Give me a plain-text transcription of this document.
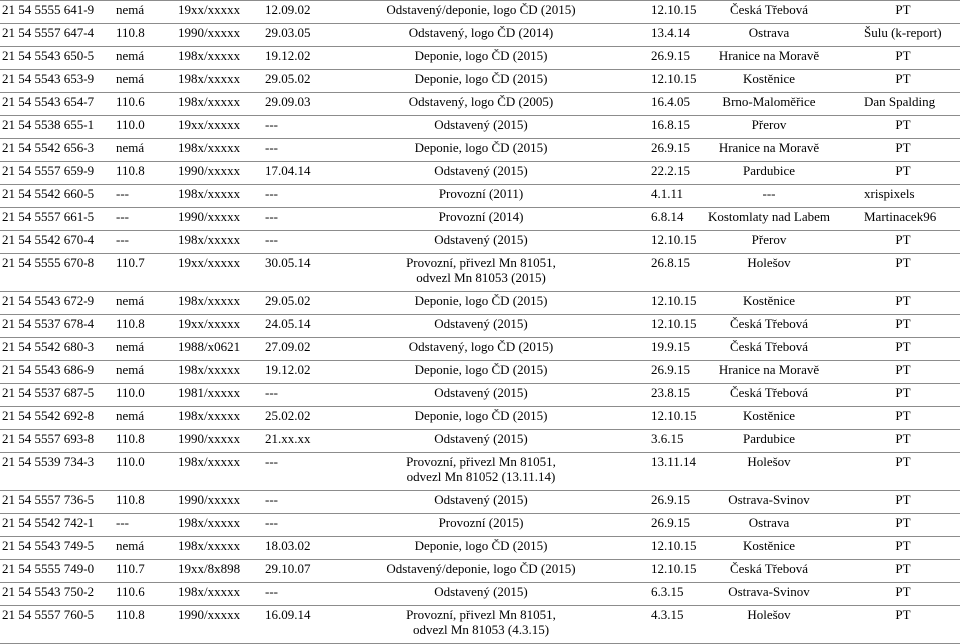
21 54 5555 641-9 nemá	19xx/xxxxx 12.09.02	Odstavený/deponie, logo ČD (2015)	12.10.15	Česká Třebová	PT
21 54 5557 647-4 110.8	1990/xxxxx 29.03.05	Odstavený, logo ČD (2014)	13.4.14	Ostrava	Šulu (k-report)
21 54 5543 650-5 nemá	198x/xxxxx 19.12.02	Deponie, logo ČD (2015)	26.9.15	Hranice na Moravě	PT
21 54 5543 653-9 nemá	198x/xxxxx 29.05.02	Deponie, logo ČD (2015)	12.10.15	Kostěnice	PT
21 54 5543 654-7 110.6	198x/xxxxx 29.09.03	Odstavený, logo ČD (2005)	16.4.05	Brno-Maloměřice	Dan Spalding
21 54 5538 655-1 110.0	19xx/xxxxx ---	Odstavený (2015)	16.8.15	Přerov	PT
21 54 5542 656-3 nemá	198x/xxxxx ---	Deponie, logo ČD (2015)	26.9.15	Hranice na Moravě	PT
21 54 5557 659-9 110.8	1990/xxxxx 17.04.14	Odstavený (2015)	22.2.15	Pardubice	PT
21 54 5542 660-5 ---	198x/xxxxx ---	Provozní (2011)	4.1.11	---	xrispixels
21 54 5557 661-5 ---	1990/xxxxx ---	Provozní (2014)	6.8.14	Kostomlaty nad Labem	Martinacek96
21 54 5542 670-4 ---	198x/xxxxx ---	Odstavený (2015)	12.10.15	Přerov	PT
21 54 5555 670-8 110.7	19xx/xxxxx 30.05.14	Provozní, přivezl Mn 81051,
odvezl Mn 81053 (2015)
26.8.15	Holešov	PT
21 54 5543 672-9 nemá	198x/xxxxx 29.05.02	Deponie, logo ČD (2015)	12.10.15	Kostěnice	PT
21 54 5537 678-4 110.8	19xx/xxxxx 24.05.14	Odstavený (2015)	12.10.15	Česká Třebová	PT
21 54 5542 680-3 nemá	1988/x0621 27.09.02	Odstavený, logo ČD (2015)	19.9.15	Česká Třebová	PT
21 54 5543 686-9 nemá	198x/xxxxx 19.12.02	Deponie, logo ČD (2015)	26.9.15	Hranice na Moravě	PT
21 54 5537 687-5 110.0	1981/xxxxx ---	Odstavený (2015)	23.8.15	Česká Třebová	PT
21 54 5542 692-8 nemá	198x/xxxxx 25.02.02	Deponie, logo ČD (2015)	12.10.15	Kostěnice	PT
21 54 5557 693-8 110.8	1990/xxxxx 21.xx.xx	Odstavený (2015)	3.6.15	Pardubice	PT
21 54 5539 734-3 110.0	198x/xxxxx ---	Provozní, přivezl Mn 81051,
odvezl Mn 81052 (13.11.14)
13.11.14	Holešov	PT
21 54 5557 736-5 110.8	1990/xxxxx ---	Odstavený (2015)	26.9.15	Ostrava-Svinov	PT
21 54 5542 742-1 ---	198x/xxxxx ---	Provozní (2015)	26.9.15	Ostrava	PT
21 54 5543 749-5 nemá	198x/xxxxx 18.03.02	Deponie, logo ČD (2015)	12.10.15	Kostěnice	PT
21 54 5555 749-0 110.7	19xx/8x898 29.10.07	Odstavený/deponie, logo ČD (2015)	12.10.15	Česká Třebová	PT
21 54 5543 750-2 110.6	198x/xxxxx ---	Odstavený (2015)	6.3.15	Ostrava-Svinov	PT
21 54 5557 760-5 110.8	1990/xxxxx 16.09.14	Provozní, přivezl Mn 81051,
odvezl Mn 81053 (4.3.15)
4.3.15	Holešov	PT
